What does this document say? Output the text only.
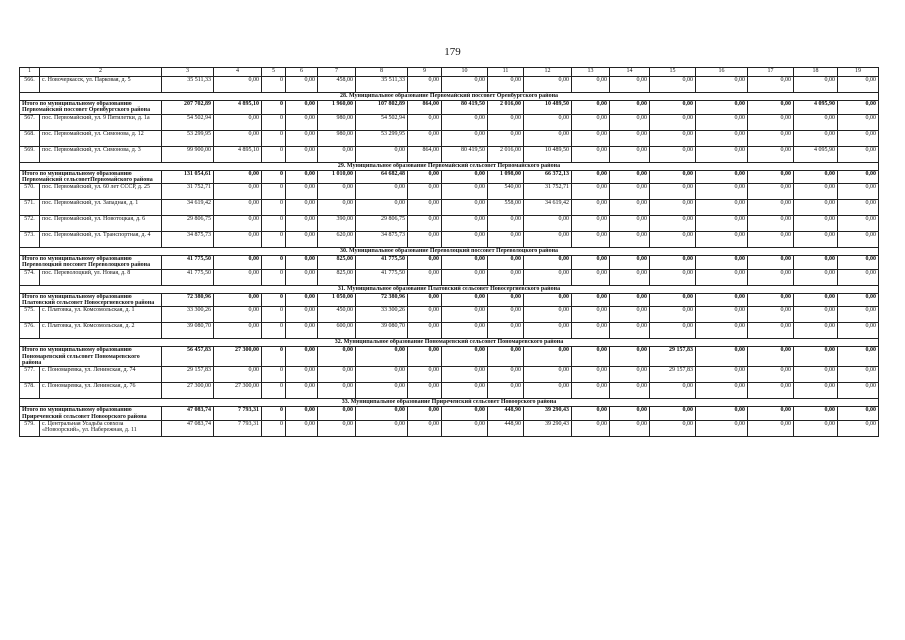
179
1	2	3	4	5	6	7	8	9	10	11	12	13	14	15	16	17	18	19
566.	с. Новочеркасск, ул. Парковая, д. 5	35 511,33	0,00	0	0,00	458,00	35 511,33	0,00	0,00	0,00	0,00	0,00	0,00	0,00	0,00	0,00	0,00	0,00
28. Муниципальное образование Первомайский поссовет Оренбургского района																		
Итого по муниципальному образованию Первомайский поссовет Оренбургского района		207 702,89	4 895,10	0	0,00	1 960,00	107 802,89	864,00	80 419,50	2 016,00	10 489,50	0,00	0,00	0,00	0,00	0,00	4 095,90	0,00
567.	пос. Первомайский, ул. 9 Пятилетки, д. 1а	54 502,94	0,00	0	0,00	980,00	54 502,94	0,00	0,00	0,00	0,00	0,00	0,00	0,00	0,00	0,00	0,00	0,00
568.	пос. Первомайский, ул. Симонова, д. 12	53 299,95	0,00	0	0,00	980,00	53 299,95	0,00	0,00	0,00	0,00	0,00	0,00	0,00	0,00	0,00	0,00	0,00
569.	пос. Первомайский, ул. Симонова, д. 3	99 900,00	4 895,10	0	0,00	0,00	0,00	864,00	80 419,50	2 016,00	10 489,50	0,00	0,00	0,00	0,00	0,00	4 095,90	0,00
29. Муниципальное образование Первомайский сельсовет Первомайского района																		
Итого по муниципальному образованию Первомайский сельсоветПервомайского района		131 054,61	0,00	0	0,00	1 010,00	64 682,48	0,00	0,00	1 098,00	66 372,13	0,00	0,00	0,00	0,00	0,00	0,00	0,00
570.	пос. Первомайский, ул. 60 лет СССР, д. 25	31 752,71	0,00	0	0,00	0,00	0,00	0,00	0,00	540,00	31 752,71	0,00	0,00	0,00	0,00	0,00	0,00	0,00
571.	пос. Первомайский, ул. Западная, д. 1	34 619,42	0,00	0	0,00	0,00	0,00	0,00	0,00	558,00	34 619,42	0,00	0,00	0,00	0,00	0,00	0,00	0,00
572.	пос. Первомайский, ул. Новотоцкая, д. 6	29 806,75	0,00	0	0,00	390,00	29 806,75	0,00	0,00	0,00	0,00	0,00	0,00	0,00	0,00	0,00	0,00	0,00
573.	пос. Первомайский, ул. Транспортная, д. 4	34 875,73	0,00	0	0,00	620,00	34 875,73	0,00	0,00	0,00	0,00	0,00	0,00	0,00	0,00	0,00	0,00	0,00
30. Муниципальное образование Переволоцкий поссовет Переволоцкого района																		
Итого по муниципальному образованию Переволоцкий поссовет Переволоцкого района		41 775,50	0,00	0	0,00	825,00	41 775,50	0,00	0,00	0,00	0,00	0,00	0,00	0,00	0,00	0,00	0,00	0,00
574.	пос. Переволоцкий, ул. Новая, д. 8	41 775,50	0,00	0	0,00	825,00	41 775,50	0,00	0,00	0,00	0,00	0,00	0,00	0,00	0,00	0,00	0,00	0,00
31. Муниципальное образование Платовский сельсовет Новосергиевского района																		
Итого по муниципальному образованию Платовский сельсовет Новосергиевского района		72 380,96	0,00	0	0,00	1 050,00	72 380,96	0,00	0,00	0,00	0,00	0,00	0,00	0,00	0,00	0,00	0,00	0,00
575.	с. Платовка, ул. Комсомольская, д. 1	33 300,26	0,00	0	0,00	450,00	33 300,26	0,00	0,00	0,00	0,00	0,00	0,00	0,00	0,00	0,00	0,00	0,00
576.	с. Платовка, ул. Комсомольская, д. 2	39 080,70	0,00	0	0,00	600,00	39 080,70	0,00	0,00	0,00	0,00	0,00	0,00	0,00	0,00	0,00	0,00	0,00
32. Муниципальное образование Пономаревский сельсовет Пономаревского района																		
Итого по муниципальному образованию Пономаревский сельсовет Пономаревского района		56 457,83	27 300,00	0	0,00	0,00	0,00	0,00	0,00	0,00	0,00	0,00	0,00	29 157,83	0,00	0,00	0,00	0,00
577.	с. Пономаревка, ул. Ленинская, д. 74	29 157,83	0,00	0	0,00	0,00	0,00	0,00	0,00	0,00	0,00	0,00	0,00	29 157,83	0,00	0,00	0,00	0,00
578.	с. Пономаревка, ул. Ленинская, д. 76	27 300,00	27 300,00	0	0,00	0,00	0,00	0,00	0,00	0,00	0,00	0,00	0,00	0,00	0,00	0,00	0,00	0,00
33. Муниципальное образование Приреченский сельсовет Новоорского района																		
Итого по муниципальному образованию Приреченский сельсовет Новоорского района		47 083,74	7 793,31	0	0,00	0,00	0,00	0,00	0,00	448,90	39 290,43	0,00	0,00	0,00	0,00	0,00	0,00	0,00
579.	с. Центральная Усадьба совхоза «Новоорский», ул. Набережная, д. 11	47 083,74	7 793,31	0	0,00	0,00	0,00	0,00	0,00	448,90	39 290,43	0,00	0,00	0,00	0,00	0,00	0,00	0,00
